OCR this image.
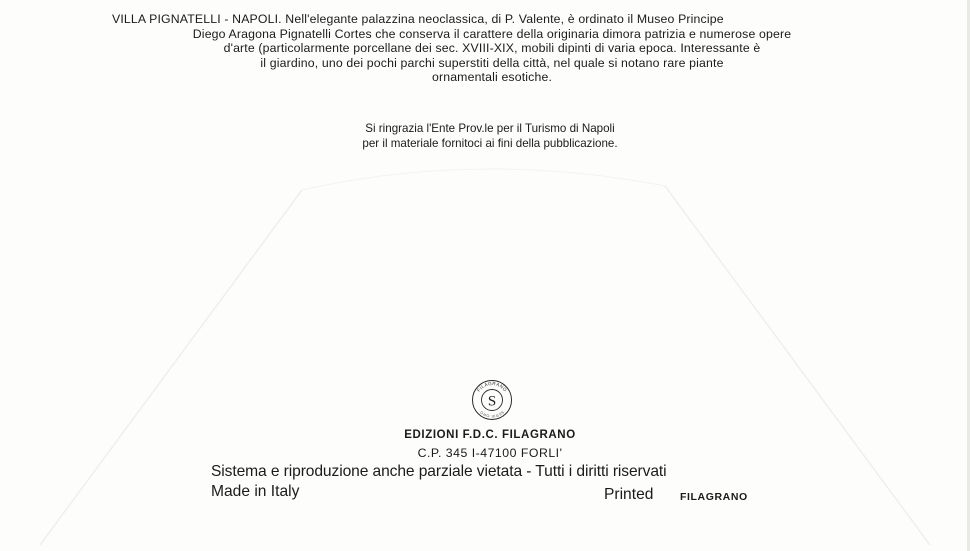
VILLA PIGNATELLI - NAPOLI. Nell'elegante palazzina neoclassica, di P. Valente, è ordinato il Museo Principe
Diego Aragona Pignatelli Cortes che conserva il carattere della originaria dimora patrizia e numerose opere
d'arte (particolarmente porcellane dei sec. XVIII-XIX, mobili dipinti di varia epoca. Interessante è
il giardino, uno dei pochi parchi superstiti della città, nel quale si notano rare piante
ornamentali esotiche.
Si ringrazia l'Ente Prov.le per il Turismo di Napoli
per il materiale fornitoci ai fini della pubblicazione.
S
FILAGRANO
SERIE ORO
EDIZIONI F.D.C. FILAGRANO
C.P. 345 I-47100 FORLI'
Sistema e riproduzione anche parziale vietata - Tutti i diritti riservati
Made in Italy	Printed	FILAGRANO
